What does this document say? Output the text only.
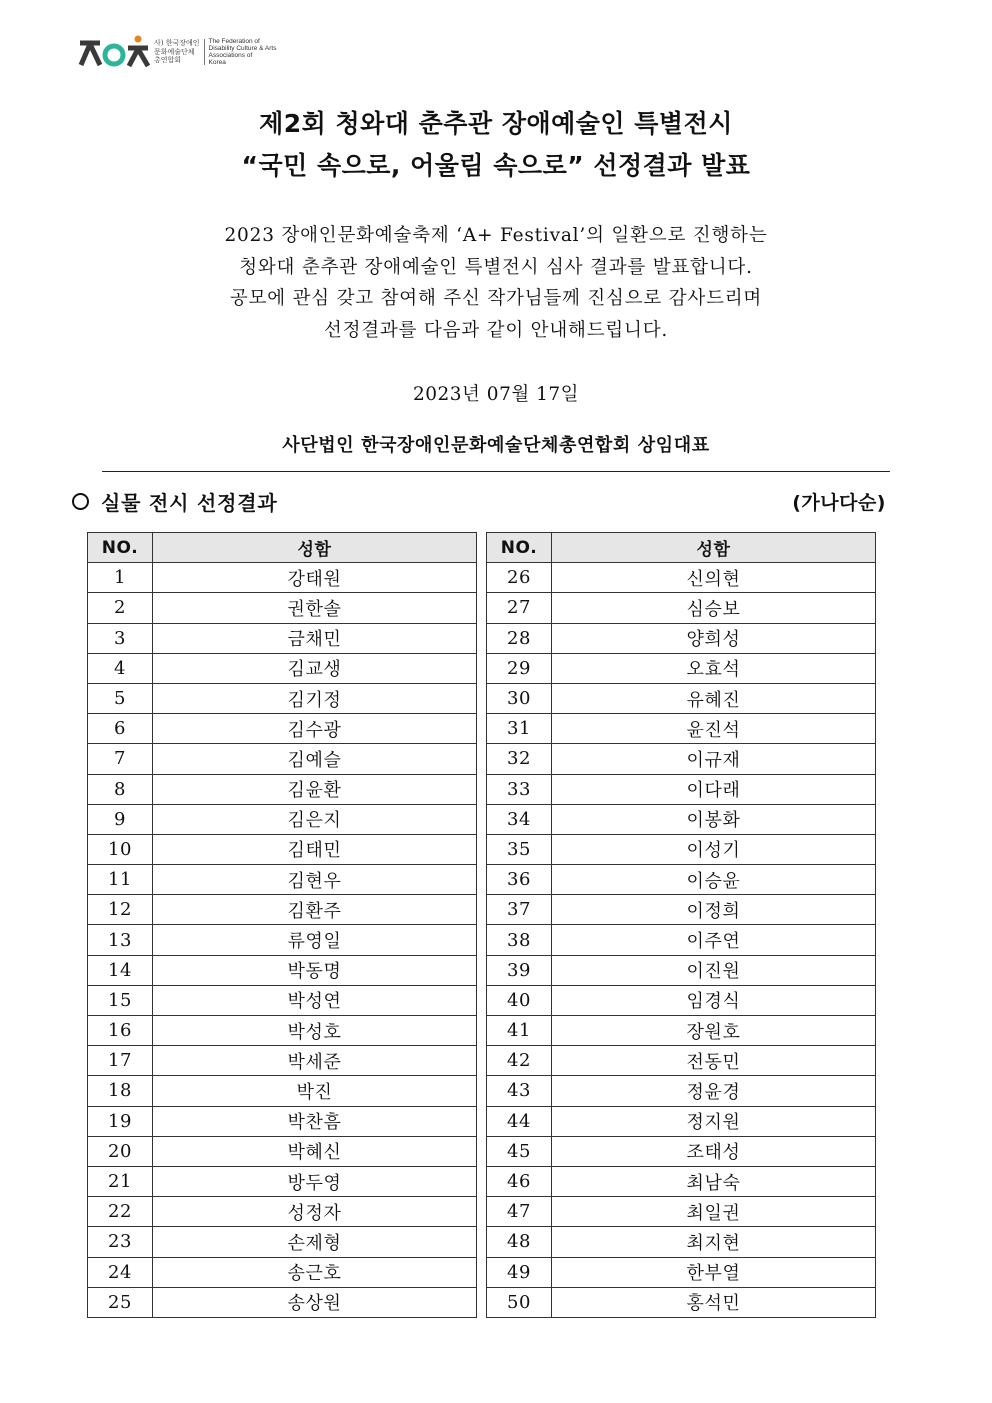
사) 한국장애인
문화예술단체
총연합회
The Federation of
Disability Culture & Arts
Associations of
Korea
제2회 청와대 춘추관 장애예술인 특별전시
“국민 속으로, 어울림 속으로” 선정결과 발표
2023 장애인문화예술축제 ‘A+ Festival’의 일환으로 진행하는
청와대 춘추관 장애예술인 특별전시 심사 결과를 발표합니다.
공모에 관심 갖고 참여해 주신 작가님들께 진심으로 감사드리며
선정결과를 다음과 같이 안내해드립니다.
2023년 07월 17일
사단법인 한국장애인문화예술단체총연합회 상임대표
실물 전시 선정결과	(가나다순)
NO.	성함
1	강태원
2	권한솔
3	금채민
4	김교생
5	김기정
6	김수광
7	김예슬
8	김윤환
9	김은지
10	김태민
11	김현우
12	김환주
13	류영일
14	박동명
15	박성연
16	박성호
17	박세준
18	박진
19	박찬흠
20	박혜신
21	방두영
22	성정자
23	손제형
24	송근호
25	송상원
NO.	성함
26	신의현
27	심승보
28	양희성
29	오효석
30	유혜진
31	윤진석
32	이규재
33	이다래
34	이봉화
35	이성기
36	이승윤
37	이정희
38	이주연
39	이진원
40	임경식
41	장원호
42	전동민
43	정윤경
44	정지원
45	조태성
46	최남숙
47	최일권
48	최지현
49	한부열
50	홍석민
